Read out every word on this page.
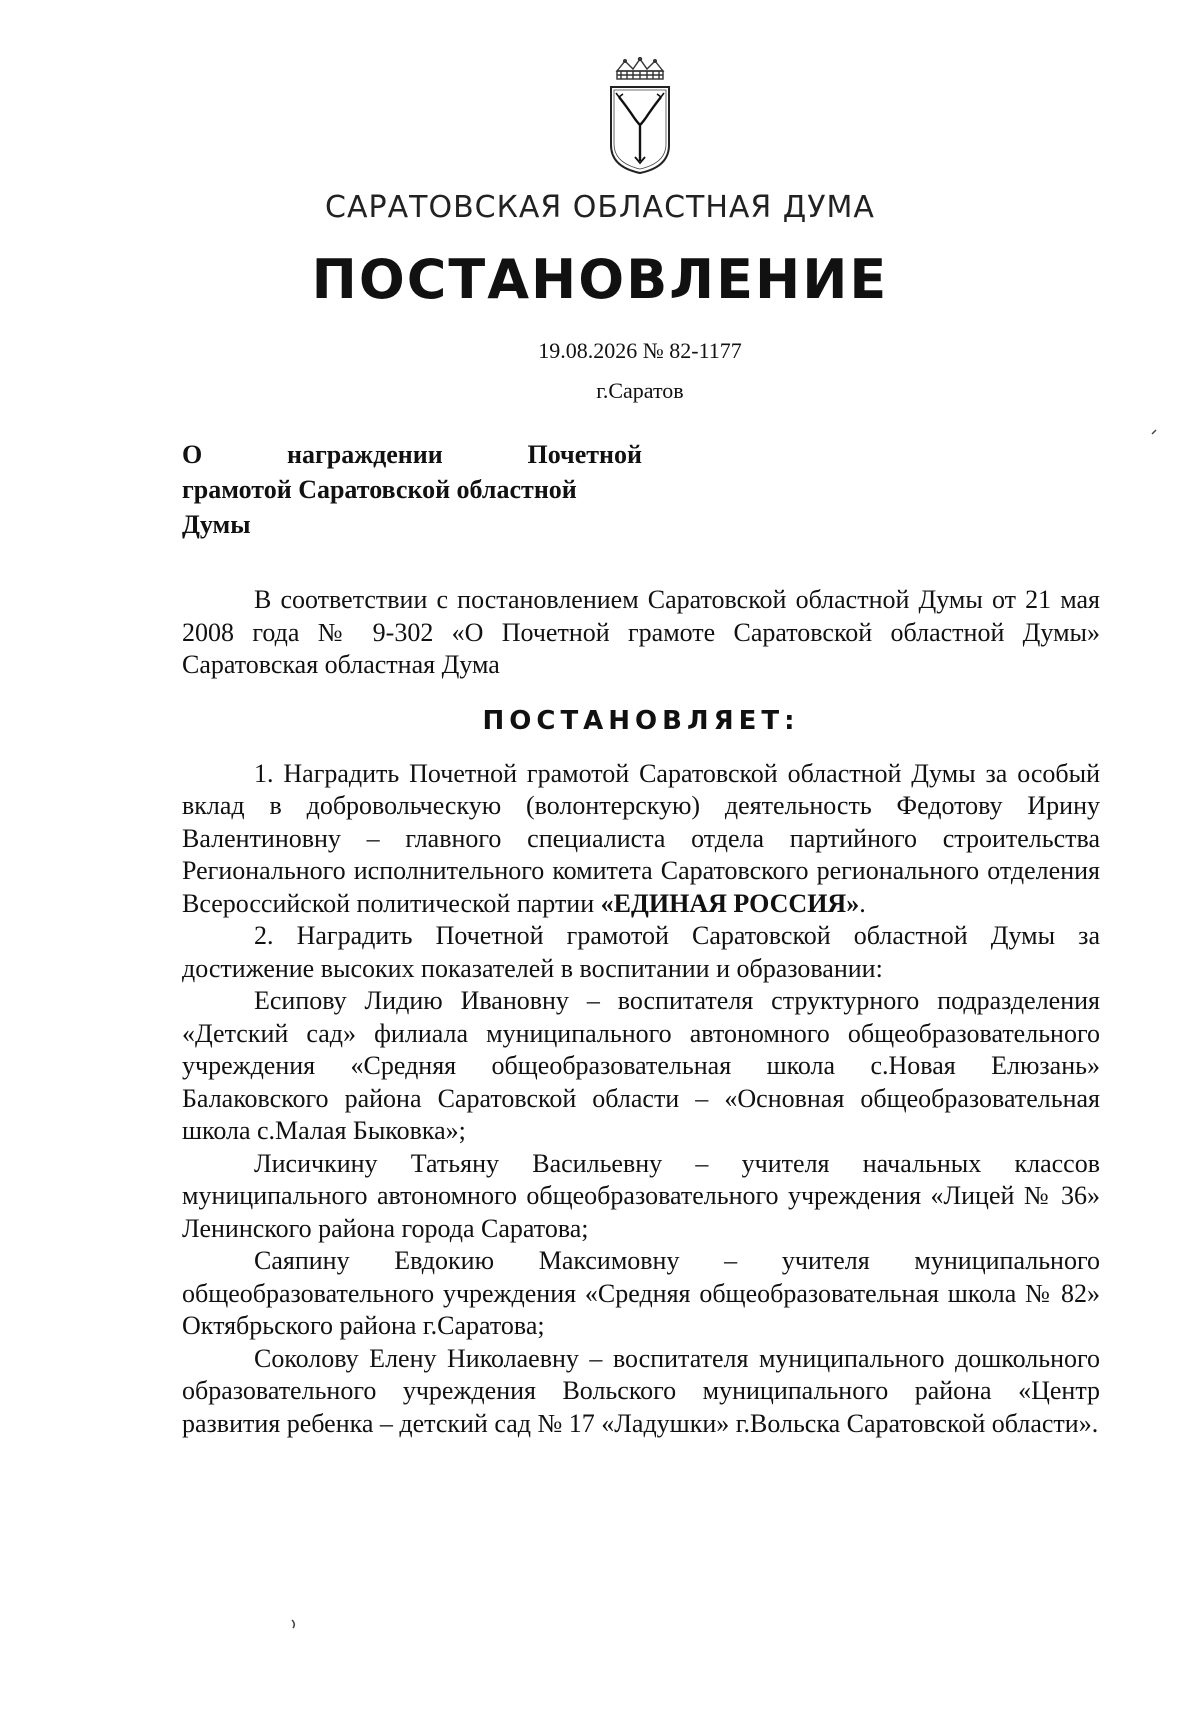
САРАТОВСКАЯ ОБЛАСТНАЯ ДУМА
ПОСТАНОВЛЕНИЕ
19.08.2026 № 82-1177
г.Саратов
О	награждении	Почетной
грамотой Саратовской областной
Думы

В соответствии с постановлением Саратовской областной Думы от 21 мая 2008 года № 9-302 «О Почетной грамоте Саратовской областной Думы» Саратовская областная Дума

ПОСТАНОВЛЯЕТ:

1. Наградить Почетной грамотой Саратовской областной Думы за особый вклад в добровольческую (волонтерскую) деятельность Федотову Ирину Валентиновну – главного специалиста отдела партийного строительства Регионального исполнительного комитета Саратовского регионального отделения Всероссийской политической партии «ЕДИНАЯ РОССИЯ».

2. Наградить Почетной грамотой Саратовской областной Думы за достижение высоких показателей в воспитании и образовании:

Есипову Лидию Ивановну – воспитателя структурного подразделения «Детский сад» филиала муниципального автономного общеобразовательного учреждения «Средняя общеобразовательная школа с.Новая Елюзань» Балаковского района Саратовской области – «Основная общеобразовательная школа с.Малая Быковка»;

Лисичкину Татьяну Васильевну – учителя начальных классов муниципального автономного общеобразовательного учреждения «Лицей № 36» Ленинского района города Саратова;

Саяпину Евдокию Максимовну – учителя муниципального общеобразовательного учреждения «Средняя общеобразовательная школа № 82» Октябрьского района г.Саратова;

Соколову Елену Николаевну – воспитателя муниципального дошкольного образовательного учреждения Вольского муниципального района «Центр развития ребенка – детский сад № 17 «Ладушки» г.Вольска Саратовской области».
